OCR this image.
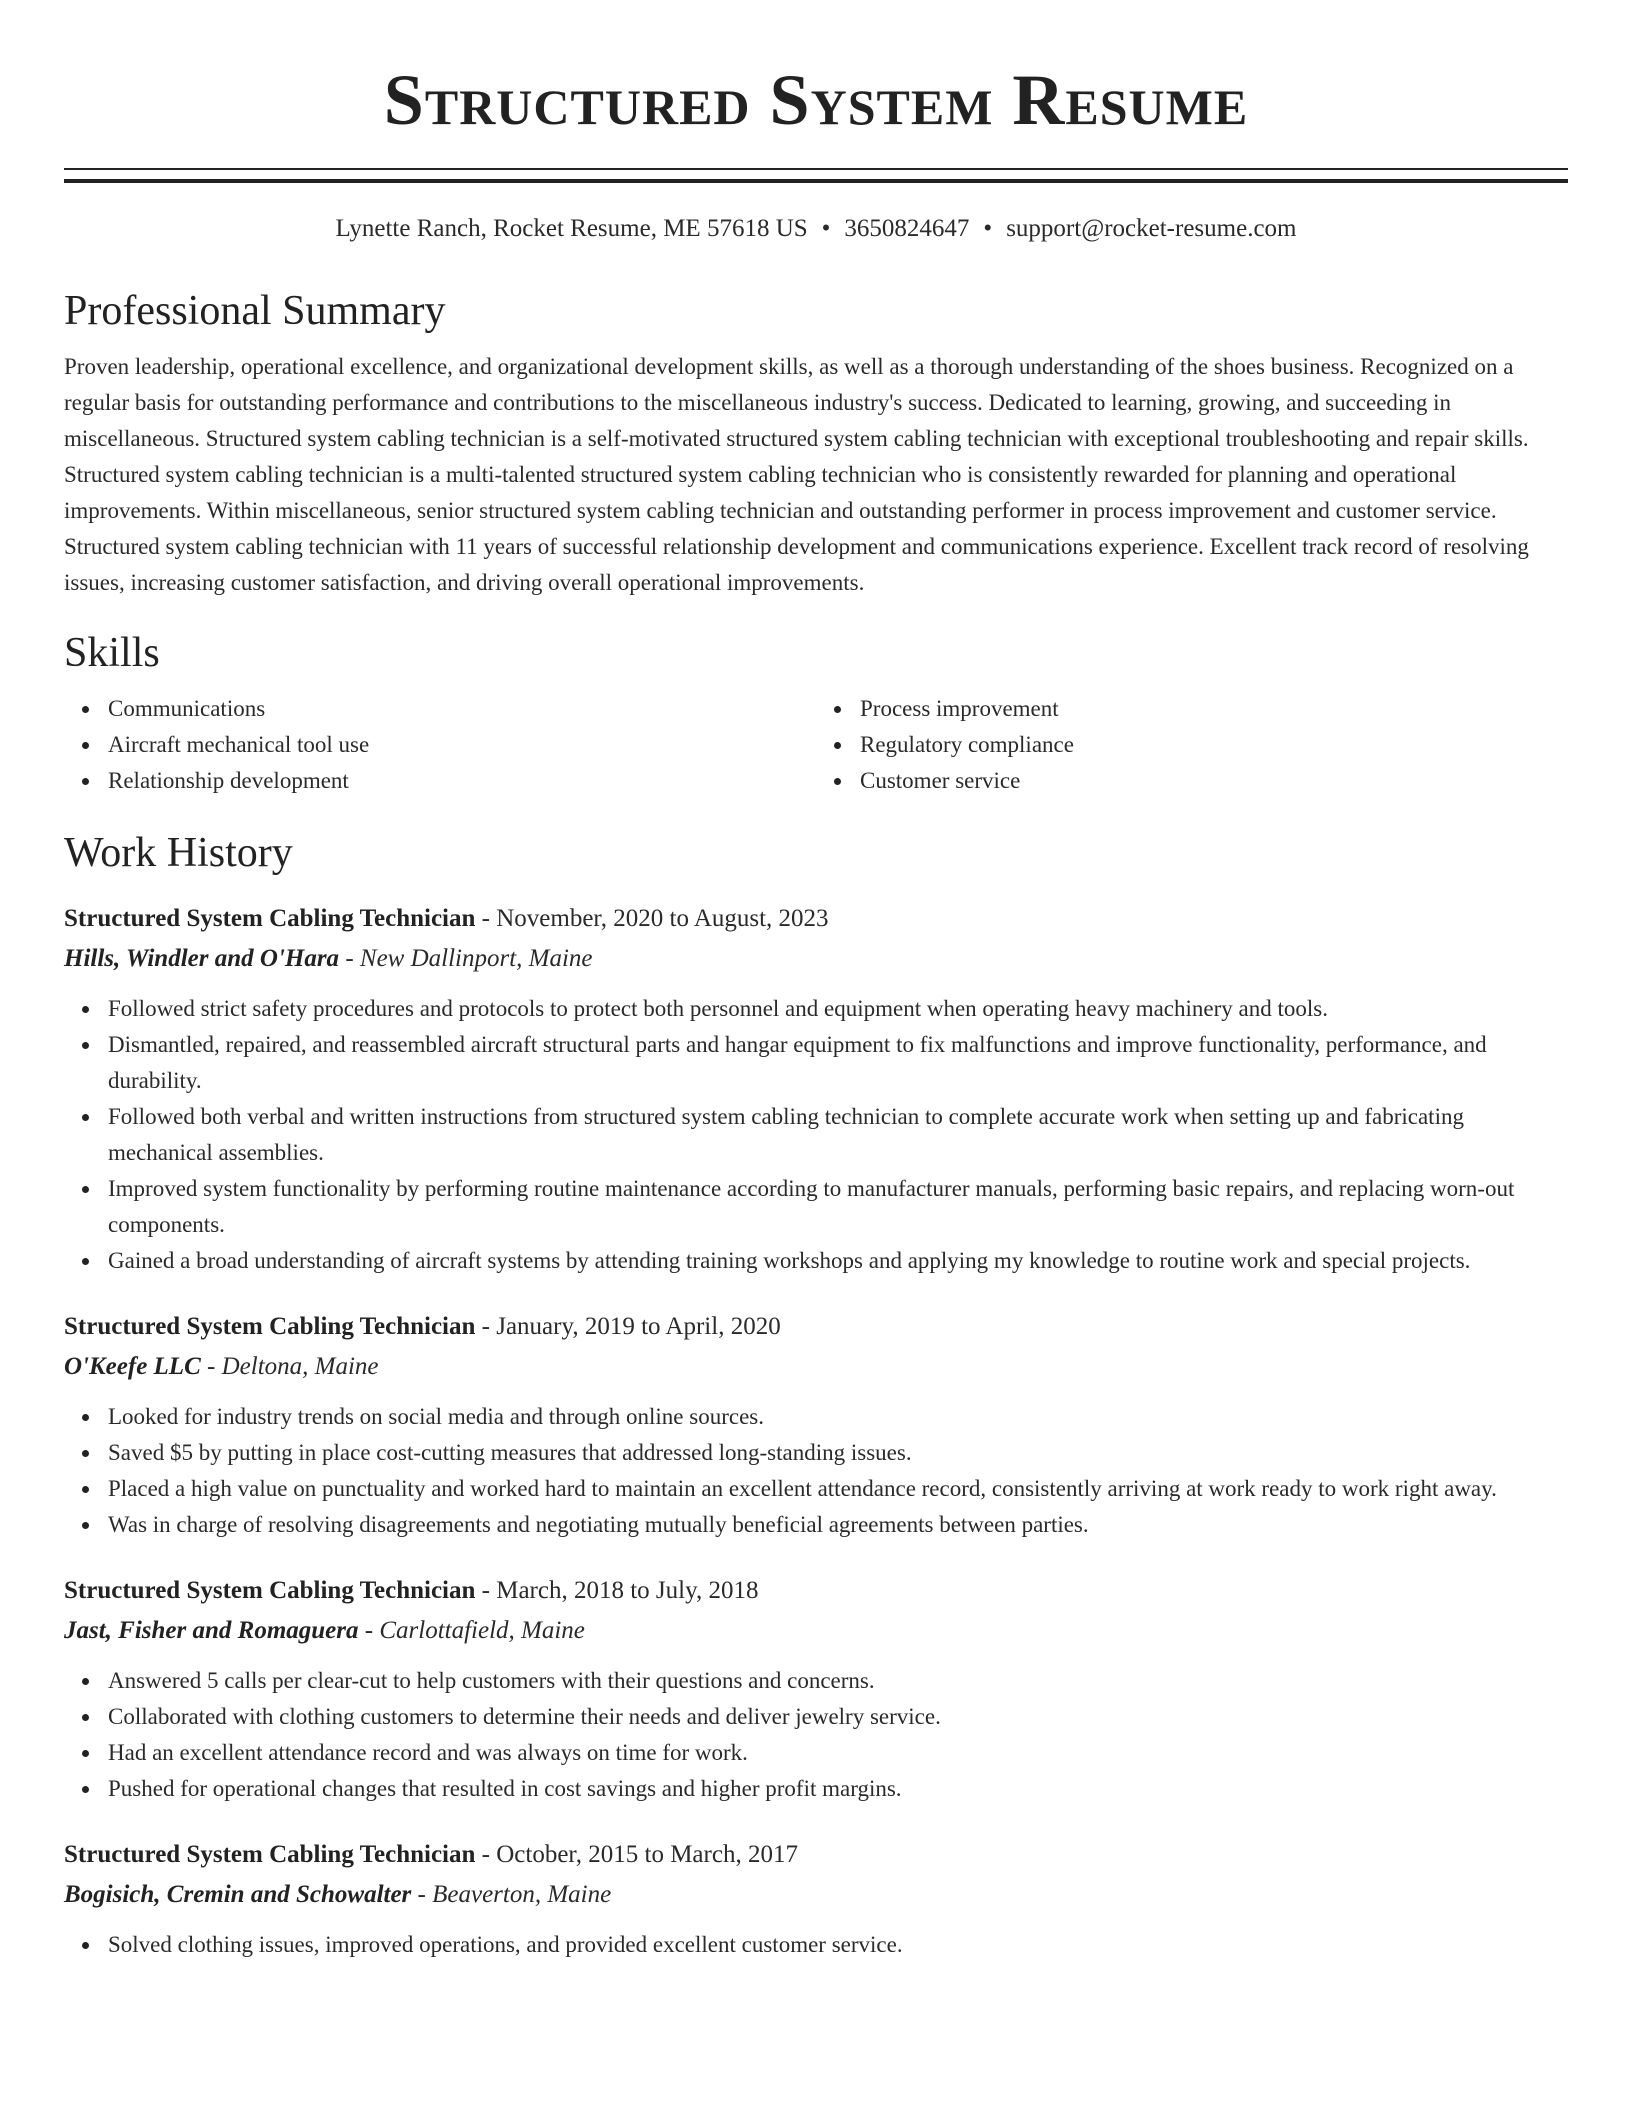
Structured System Resume
Lynette Ranch, Rocket Resume, ME 57618 US • 3650824647 • support@rocket-resume.com
Professional Summary

Proven leadership, operational excellence, and organizational development skills, as well as a thorough understanding of the shoes business. Recognized on a regular basis for outstanding performance and contributions to the miscellaneous industry's success. Dedicated to learning, growing, and succeeding in miscellaneous. Structured system cabling technician is a self-motivated structured system cabling technician with exceptional troubleshooting and repair skills. Structured system cabling technician is a multi-talented structured system cabling technician who is consistently rewarded for planning and operational improvements. Within miscellaneous, senior structured system cabling technician and outstanding performer in process improvement and customer service. Structured system cabling technician with 11 years of successful relationship development and communications experience. Excellent track record of resolving issues, increasing customer satisfaction, and driving overall operational improvements.

Skills
Communications
Aircraft mechanical tool use
Relationship development
Process improvement
Regulatory compliance
Customer service
Work History
Structured System Cabling Technician - November, 2020 to August, 2023
Hills, Windler and O'Hara - New Dallinport, Maine
Followed strict safety procedures and protocols to protect both personnel and equipment when operating heavy machinery and tools.
Dismantled, repaired, and reassembled aircraft structural parts and hangar equipment to fix malfunctions and improve functionality, performance, and durability.
Followed both verbal and written instructions from structured system cabling technician to complete accurate work when setting up and fabricating mechanical assemblies.
Improved system functionality by performing routine maintenance according to manufacturer manuals, performing basic repairs, and replacing worn-out components.
Gained a broad understanding of aircraft systems by attending training workshops and applying my knowledge to routine work and special projects.
Structured System Cabling Technician - January, 2019 to April, 2020
O'Keefe LLC - Deltona, Maine
Looked for industry trends on social media and through online sources.
Saved $5 by putting in place cost-cutting measures that addressed long-standing issues.
Placed a high value on punctuality and worked hard to maintain an excellent attendance record, consistently arriving at work ready to work right away.
Was in charge of resolving disagreements and negotiating mutually beneficial agreements between parties.
Structured System Cabling Technician - March, 2018 to July, 2018
Jast, Fisher and Romaguera - Carlottafield, Maine
Answered 5 calls per clear-cut to help customers with their questions and concerns.
Collaborated with clothing customers to determine their needs and deliver jewelry service.
Had an excellent attendance record and was always on time for work.
Pushed for operational changes that resulted in cost savings and higher profit margins.
Structured System Cabling Technician - October, 2015 to March, 2017
Bogisich, Cremin and Schowalter - Beaverton, Maine
Solved clothing issues, improved operations, and provided excellent customer service.
